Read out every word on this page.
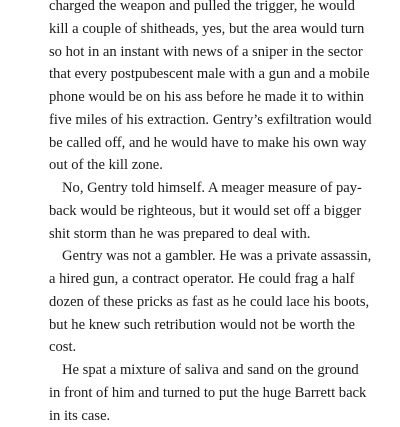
charged the weapon and pulled the trigger, he would
kill a couple of shitheads, yes, but the area would turn
so hot in an instant with news of a sniper in the sector
that every postpubescent male with a gun and a mobile
phone would be on his ass before he made it to within
five miles of his extraction. Gentry’s exfiltration would
be called off, and he would have to make his own way
out of the kill zone.
No, Gentry told himself. A meager measure of pay-
back would be righteous, but it would set off a bigger
shit storm than he was prepared to deal with.
Gentry was not a gambler. He was a private assassin,
a hired gun, a contract operator. He could frag a half
dozen of these pricks as fast as he could lace his boots,
but he knew such retribution would not be worth the
cost.
He spat a mixture of saliva and sand on the ground
in front of him and turned to put the huge Barrett back
in its case.
